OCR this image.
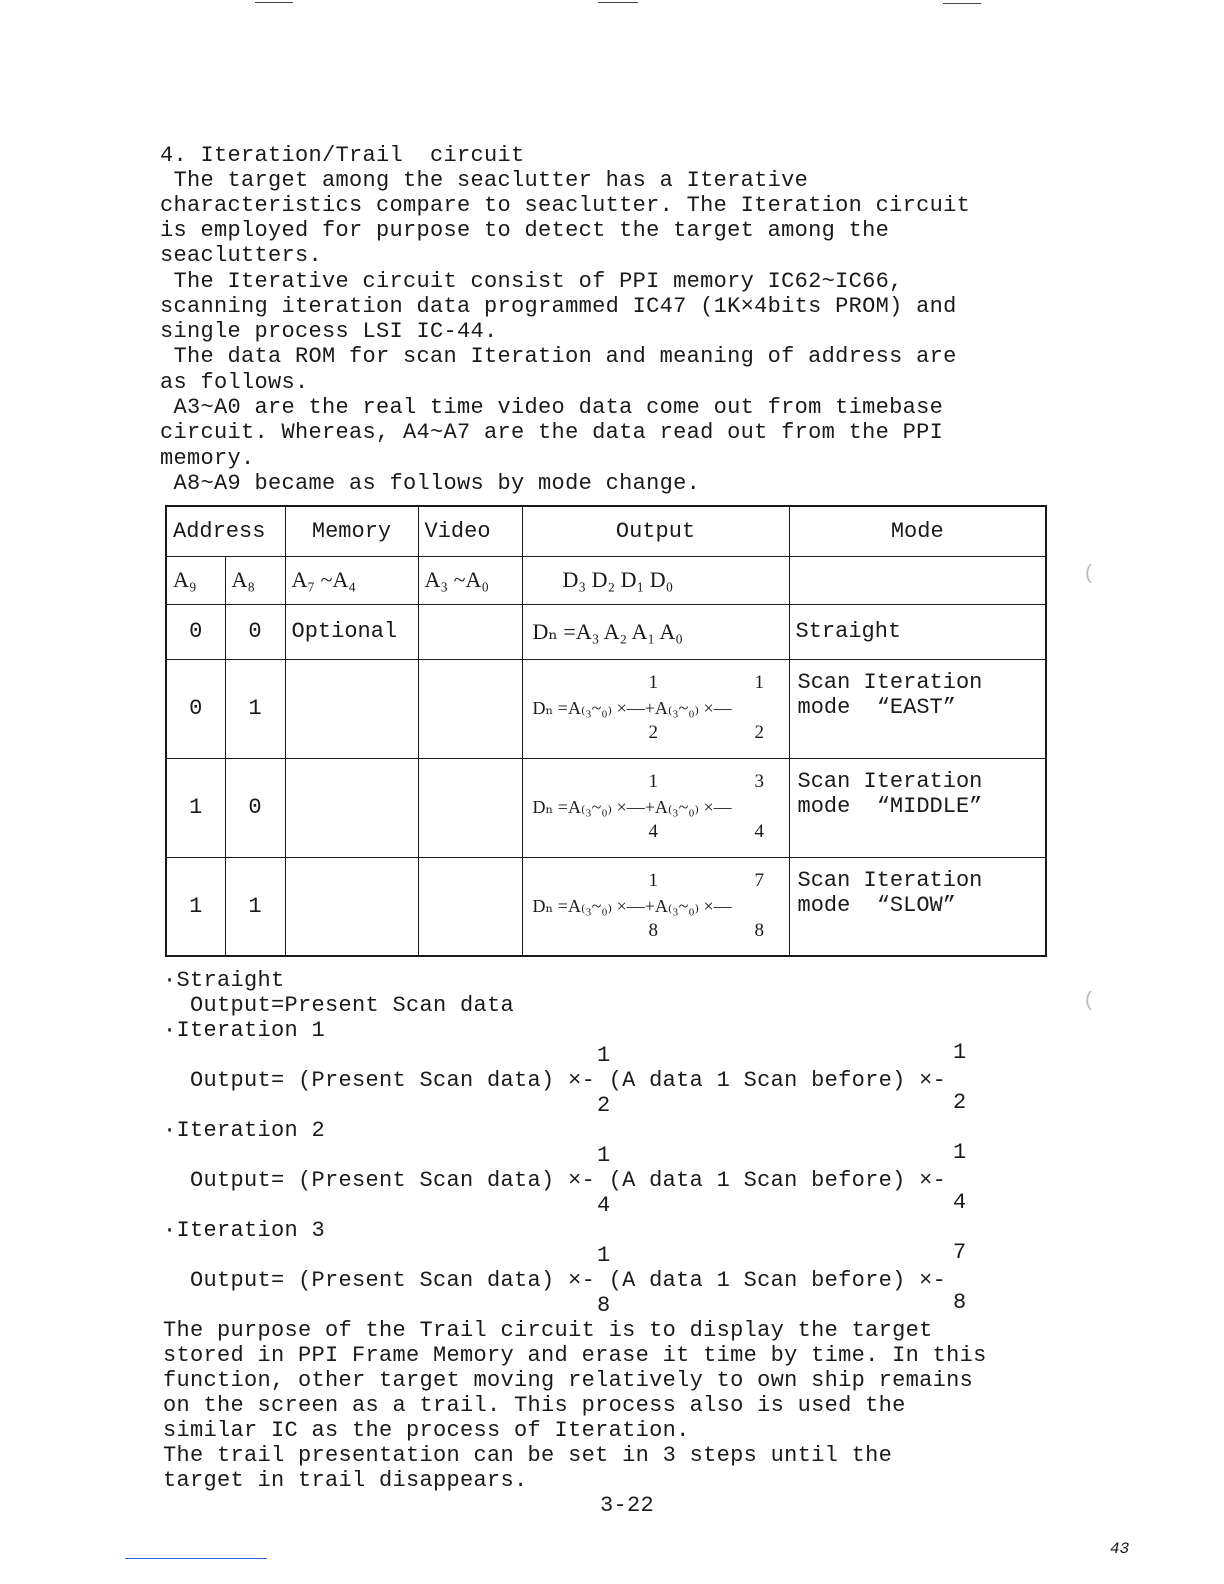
4. Iteration/Trail  circuit
The target among the seaclutter has a Iterative
characteristics compare to seaclutter. The Iteration circuit
is employed for purpose to detect the target among the
seaclutters.
The Iterative circuit consist of PPI memory IC62~IC66,
scanning iteration data programmed IC47 (1K×4bits PROM) and
single process LSI IC-44.
The data ROM for scan Iteration and meaning of address are
as follows.
A3~A0 are the real time video data come out from timebase
circuit. Whereas, A4~A7 are the data read out from the PPI
memory.
A8~A9 became as follows by mode change.
Address		Memory	Video	Output	Mode
A₉	A₈	A₇ ~A₄	A₃ ~A₀	D₃ D₂ D₁ D₀	
0	0	Optional		Dₙ =A₃ A₂ A₁ A₀	Straight
0	1			1 1
Dₙ =A₍₃~₀₎ ×—+A₍₃~₀₎ ×—
2 2	Scan Iteration
mode  “EAST”

1	0			1 3
Dₙ =A₍₃~₀₎ ×—+A₍₃~₀₎ ×—
4 4	Scan Iteration
mode  “MIDDLE”

1	1			1 7
Dₙ =A₍₃~₀₎ ×—+A₍₃~₀₎ ×—
8 8	Scan Iteration
mode  “SLOW”
(
(
·Straight
Output=Present Scan data
·Iteration 1
1	1
Output= (Present Scan data) ×- (A data 1 Scan before) ×-
2	2
·Iteration 2
1	1
Output= (Present Scan data) ×- (A data 1 Scan before) ×-
4	4
·Iteration 3
1	7
Output= (Present Scan data) ×- (A data 1 Scan before) ×-
8	8
The purpose of the Trail circuit is to display the target
stored in PPI Frame Memory and erase it time by time. In this
function, other target moving relatively to own ship remains
on the screen as a trail. This process also is used the
similar IC as the process of Iteration.
The trail presentation can be set in 3 steps until the
target in trail disappears.
3-22
43
